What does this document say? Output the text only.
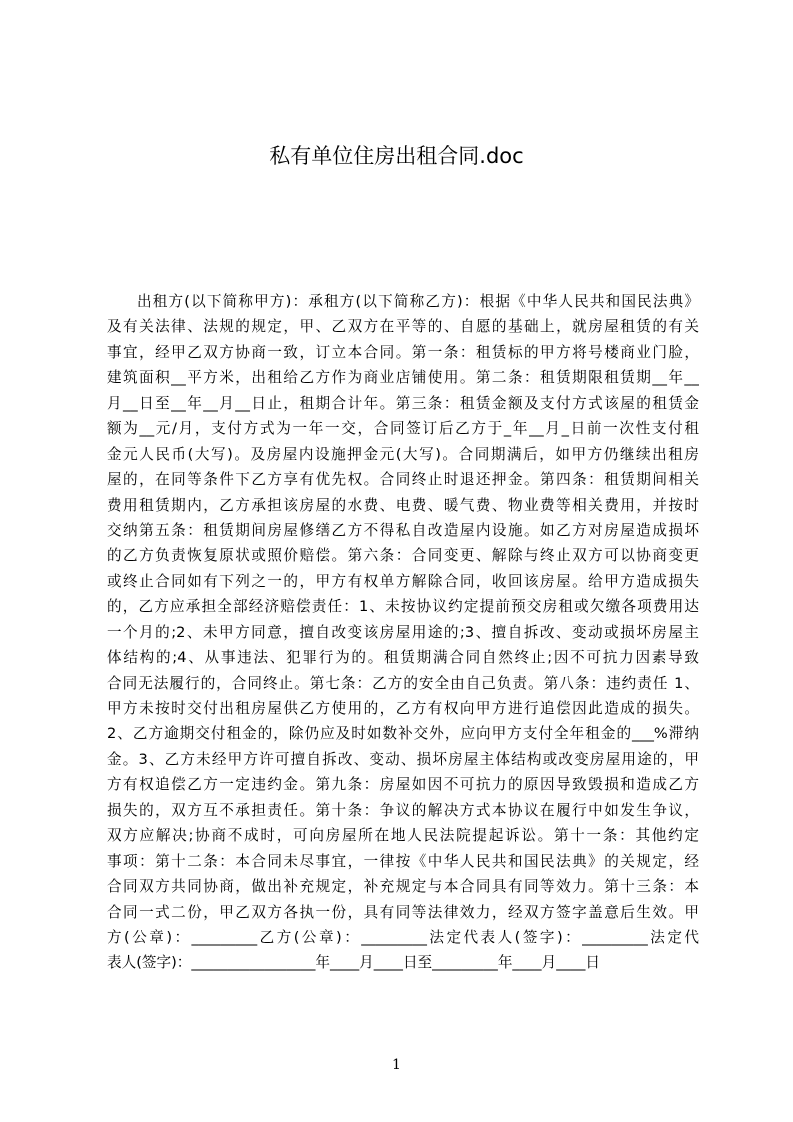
私有单位住房出租合同.doc
出租方(以下简称甲方)：承租方(以下简称乙方)：根据《中华人民共和国民法典》
及有关法律、法规的规定，甲、乙双方在平等的、自愿的基础上，就房屋租赁的有关
事宜，经甲乙双方协商一致，订立本合同。第一条：租赁标的甲方将号楼商业门脸，
建筑面积__平方米，出租给乙方作为商业店铺使用。第二条：租赁期限租赁期__年__
月__日至__年__月__日止，租期合计年。第三条：租赁金额及支付方式该屋的租赁金
额为__元/月，支付方式为一年一交，合同签订后乙方于_年__月_日前一次性支付租
金元人民币(大写)。及房屋内设施押金元(大写)。合同期满后，如甲方仍继续出租房
屋的，在同等条件下乙方享有优先权。合同终止时退还押金。第四条：租赁期间相关
费用租赁期内，乙方承担该房屋的水费、电费、暖气费、物业费等相关费用，并按时
交纳第五条：租赁期间房屋修缮乙方不得私自改造屋内设施。如乙方对房屋造成损坏
的乙方负责恢复原状或照价赔偿。第六条：合同变更、解除与终止双方可以协商变更
或终止合同如有下列之一的，甲方有权单方解除合同，收回该房屋。给甲方造成损失
的，乙方应承担全部经济赔偿责任：1、未按协议约定提前预交房租或欠缴各项费用达
一个月的;2、未甲方同意，擅自改变该房屋用途的;3、擅自拆改、变动或损坏房屋主
体结构的;4、从事违法、犯罪行为的。租赁期满合同自然终止;因不可抗力因素导致
合同无法履行的，合同终止。第七条：乙方的安全由自己负责。第八条：违约责任 1、
甲方未按时交付出租房屋供乙方使用的，乙方有权向甲方进行追偿因此造成的损失。
2、乙方逾期交付租金的，除仍应及时如数补交外，应向甲方支付全年租金的___%滞纳
金。3、乙方未经甲方许可擅自拆改、变动、损坏房屋主体结构或改变房屋用途的，甲
方有权追偿乙方一定违约金。第九条：房屋如因不可抗力的原因导致毁损和造成乙方
损失的，双方互不承担责任。第十条：争议的解决方式本协议在履行中如发生争议，
双方应解决;协商不成时，可向房屋所在地人民法院提起诉讼。第十一条：其他约定
事项：第十二条：本合同未尽事宜，一律按《中华人民共和国民法典》的关规定，经
合同双方共同协商，做出补充规定，补充规定与本合同具有同等效力。第十三条：本
合同一式二份，甲乙双方各执一份，具有同等法律效力，经双方签字盖意后生效。甲
方(公章)：_________乙方(公章)：_________法定代表人(签字)：_________法定代
表人(签字)：_________________年____月____日至_________年____月____日
1
